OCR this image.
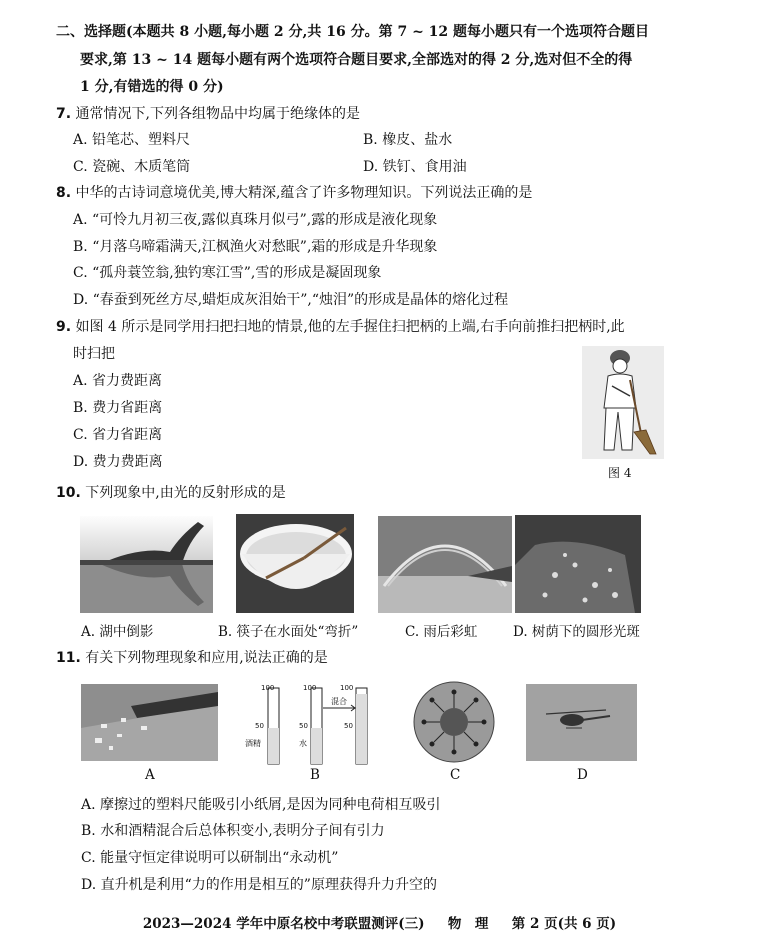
二、选择题(本题共 8 小题,每小题 2 分,共 16 分。第 7 ~ 12 题每小题只有一个选项符合题目
要求,第 13 ~ 14 题每小题有两个选项符合题目要求,全部选对的得 2 分,选对但不全的得
1 分,有错选的得 0 分)
7. 通常情况下,下列各组物品中均属于绝缘体的是
A. 铅笔芯、塑料尺	B. 橡皮、盐水
C. 瓷碗、木质笔筒	D. 铁钉、食用油
8. 中华的古诗词意境优美,博大精深,蕴含了许多物理知识。下列说法正确的是
A. “可怜九月初三夜,露似真珠月似弓”,露的形成是液化现象
B. “月落乌啼霜满天,江枫渔火对愁眠”,霜的形成是升华现象
C. “孤舟蓑笠翁,独钓寒江雪”,雪的形成是凝固现象
D. “春蚕到死丝方尽,蜡炬成灰泪始干”,“烛泪”的形成是晶体的熔化过程
9. 如图 4 所示是同学用扫把扫地的情景,他的左手握住扫把柄的上端,右手向前推扫把柄时,此
时扫把
A. 省力费距离
B. 费力省距离
C. 省力省距离
D. 费力费距离
图 4
10. 下列现象中,由光的反射形成的是
A. 湖中倒影	B. 筷子在水面处“弯折”	C. 雨后彩虹	D. 树荫下的圆形光斑
11. 有关下列物理现象和应用,说法正确的是
100
50
酒精
100
50
水
混合
100
50
A	B	C	D
A. 摩擦过的塑料尺能吸引小纸屑,是因为同种电荷相互吸引
B. 水和酒精混合后总体积变小,表明分子间有引力
C. 能量守恒定律说明可以研制出“永动机”
D. 直升机是利用“力的作用是相互的”原理获得升力升空的
2023—2024 学年中原名校中考联盟测评(三) 物　理 第 2 页(共 6 页)
